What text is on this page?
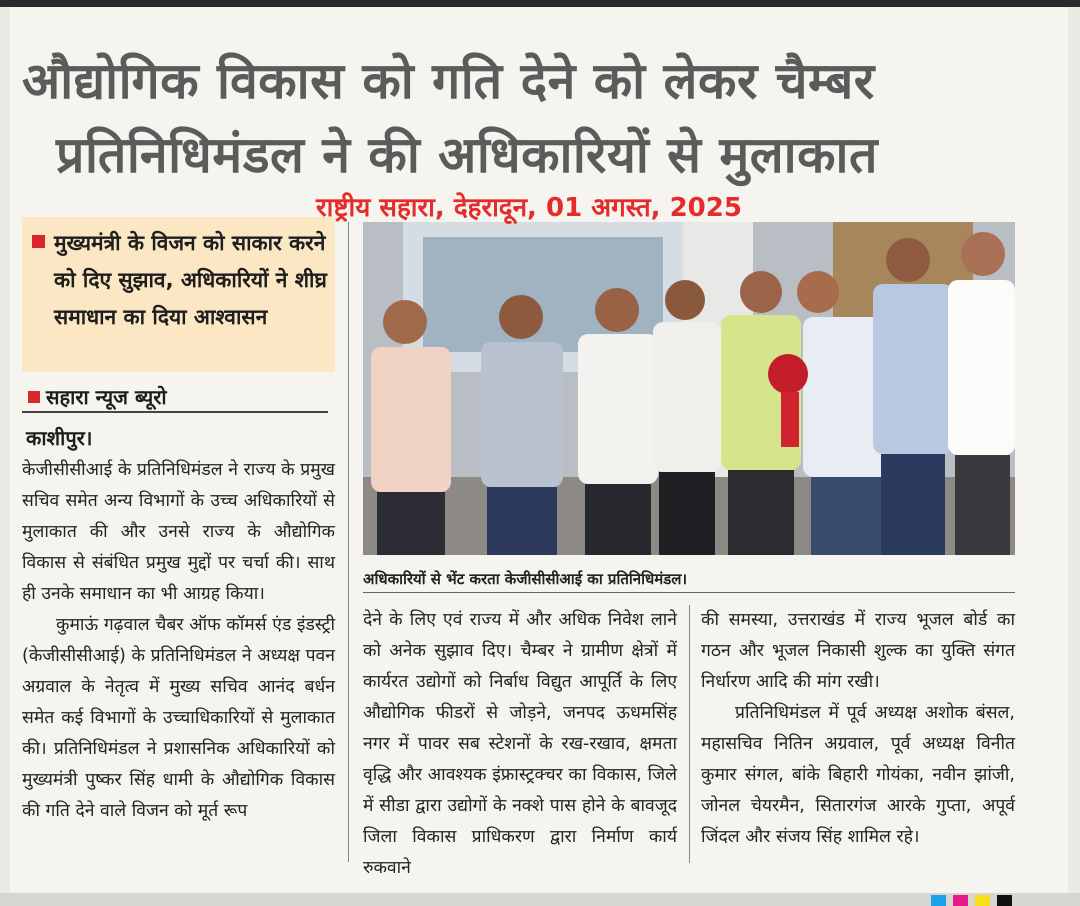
औद्योगिक विकास को गति देने को लेकर चैम्बर
प्रतिनिधिमंडल ने की अधिकारियों से मुलाकात
मुख्यमंत्री के विजन को साकार करने को दिए सुझाव, अधिकारियों ने शीघ्र समाधान का दिया आश्वासन
सहारा न्यूज ब्यूरो
काशीपुर।

केजीसीसीआई के प्रतिनिधिमंडल ने राज्य के प्रमुख सचिव समेत अन्य विभागों के उच्च अधिकारियों से मुलाकात की और उनसे राज्य के औद्योगिक विकास से संबंधित प्रमुख मुद्दों पर चर्चा की। साथ ही उनके समाधान का भी आग्रह किया।

कुमाऊं गढ़वाल चैबर ऑफ कॉमर्स एंड इंडस्ट्री (केजीसीसीआई) के प्रतिनिधिमंडल ने अध्यक्ष पवन अग्रवाल के नेतृत्व में मुख्य सचिव आनंद बर्धन समेत कई विभागों के उच्चाधिकारियों से मुलाकात की। प्रतिनिधिमंडल ने प्रशासनिक अधिकारियों को मुख्यमंत्री पुष्कर सिंह धामी के औद्योगिक विकास की गति देने वाले विजन को मूर्त रूप

राष्ट्रीय सहारा, देहरादून, 01 अगस्त, 2025
अधिकारियों से भेंट करता केजीसीसीआई का प्रतिनिधिमंडल।

देने के लिए एवं राज्य में और अधिक निवेश लाने को अनेक सुझाव दिए। चैम्बर ने ग्रामीण क्षेत्रों में कार्यरत उद्योगों को निर्बाध विद्युत आपूर्ति के लिए औद्योगिक फीडरों से जोड़ने, जनपद ऊधमसिंह नगर में पावर सब स्टेशनों के रख-रखाव, क्षमता वृद्धि और आवश्यक इंफ्रास्ट्रक्चर का विकास, जिले में सीडा द्वारा उद्योगों के नक्शे पास होने के बावजूद जिला विकास प्राधिकरण द्वारा निर्माण कार्य रुकवाने

की समस्या, उत्तराखंड में राज्य भूजल बोर्ड का गठन और भूजल निकासी शुल्क का युक्ति संगत निर्धारण आदि की मांग रखी।

प्रतिनिधिमंडल में पूर्व अध्यक्ष अशोक बंसल, महासचिव नितिन अग्रवाल, पूर्व अध्यक्ष विनीत कुमार संगल, बांके बिहारी गोयंका, नवीन झांजी, जोनल चेयरमैन, सितारगंज आरके गुप्ता, अपूर्व जिंदल और संजय सिंह शामिल रहे।
